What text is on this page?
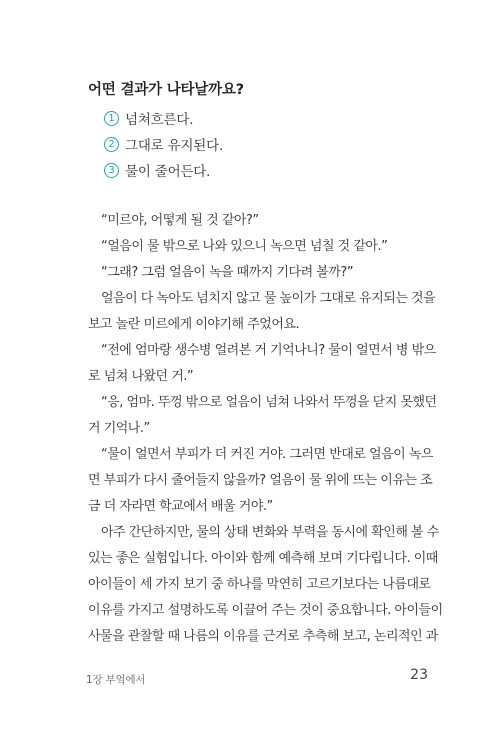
어떤 결과가 나타날까요?
1 넘쳐흐른다.
2 그대로 유지된다.
3 물이 줄어든다.
“미르야, 어떻게 될 것 같아?”
“얼음이 물 밖으로 나와 있으니 녹으면 넘칠 것 같아.”
“그래? 그럼 얼음이 녹을 때까지 기다려 볼까?”
얼음이 다 녹아도 넘치지 않고 물 높이가 그대로 유지되는 것을
보고 놀란 미르에게 이야기해 주었어요.
“전에 엄마랑 생수병 얼려본 거 기억나니? 물이 얼면서 병 밖으
로 넘쳐 나왔던 거.”
“응, 엄마. 뚜껑 밖으로 얼음이 넘쳐 나와서 뚜껑을 닫지 못했던
거 기억나.”
“물이 얼면서 부피가 더 커진 거야. 그러면 반대로 얼음이 녹으
면 부피가 다시 줄어들지 않을까? 얼음이 물 위에 뜨는 이유는 조
금 더 자라면 학교에서 배울 거야.”
아주 간단하지만, 물의 상태 변화와 부력을 동시에 확인해 볼 수
있는 좋은 실험입니다. 아이와 함께 예측해 보며 기다립니다. 이때
아이들이 세 가지 보기 중 하나를 막연히 고르기보다는 나름대로
이유를 가지고 설명하도록 이끌어 주는 것이 중요합니다. 아이들이
사물을 관찰할 때 나름의 이유를 근거로 추측해 보고, 논리적인 과
1장 부엌에서	23
